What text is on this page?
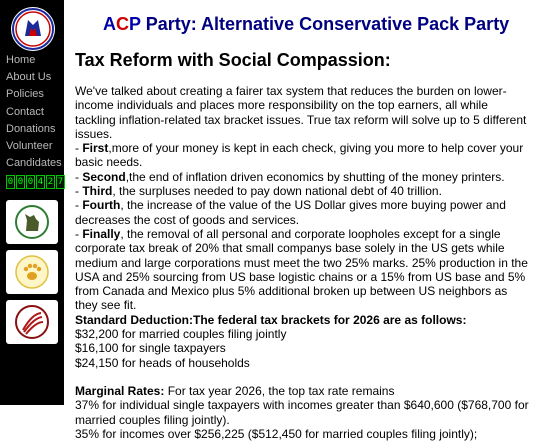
Home
About Us
Policies
Contact
Donations
Volunteer
Candidates
0 0 0 4 2 7
ACP Party: Alternative Conservative Pack Party
Tax Reform with Social Compassion:

We've talked about creating a fairer tax system that reduces the burden on lower-income individuals and places more responsibility on the top earners, all while tackling inflation-related tax bracket issues. True tax reform will solve up to 5 different issues.

- First,more of your money is kept in each check, giving you more to help cover your basic needs.

- Second,the end of inflation driven economics by shutting of the money printers.

- Third, the surpluses needed to pay down national debt of 40 trillion.

- Fourth, the increase of the value of the US Dollar gives more buying power and decreases the cost of goods and services.

- Finally, the removal of all personal and corporate loopholes except for a single corporate tax break of 20% that small companys base solely in the US gets while medium and large corporations must meet the two 25% marks. 25% production in the USA and 25% sourcing from US base logistic chains or a 15% from US base and 5% from Canada and Mexico plus 5% additional broken up between US neighbors as they see fit.

Standard Deduction:The federal tax brackets for 2026 are as follows:

$32,200 for married couples filing jointly

$16,100 for single taxpayers

$24,150 for heads of households

Marginal Rates: For tax year 2026, the top tax rate remains

37% for individual single taxpayers with incomes greater than $640,600 ($768,700 for married couples filing jointly).

35% for incomes over $256,225 ($512,450 for married couples filing jointly);
